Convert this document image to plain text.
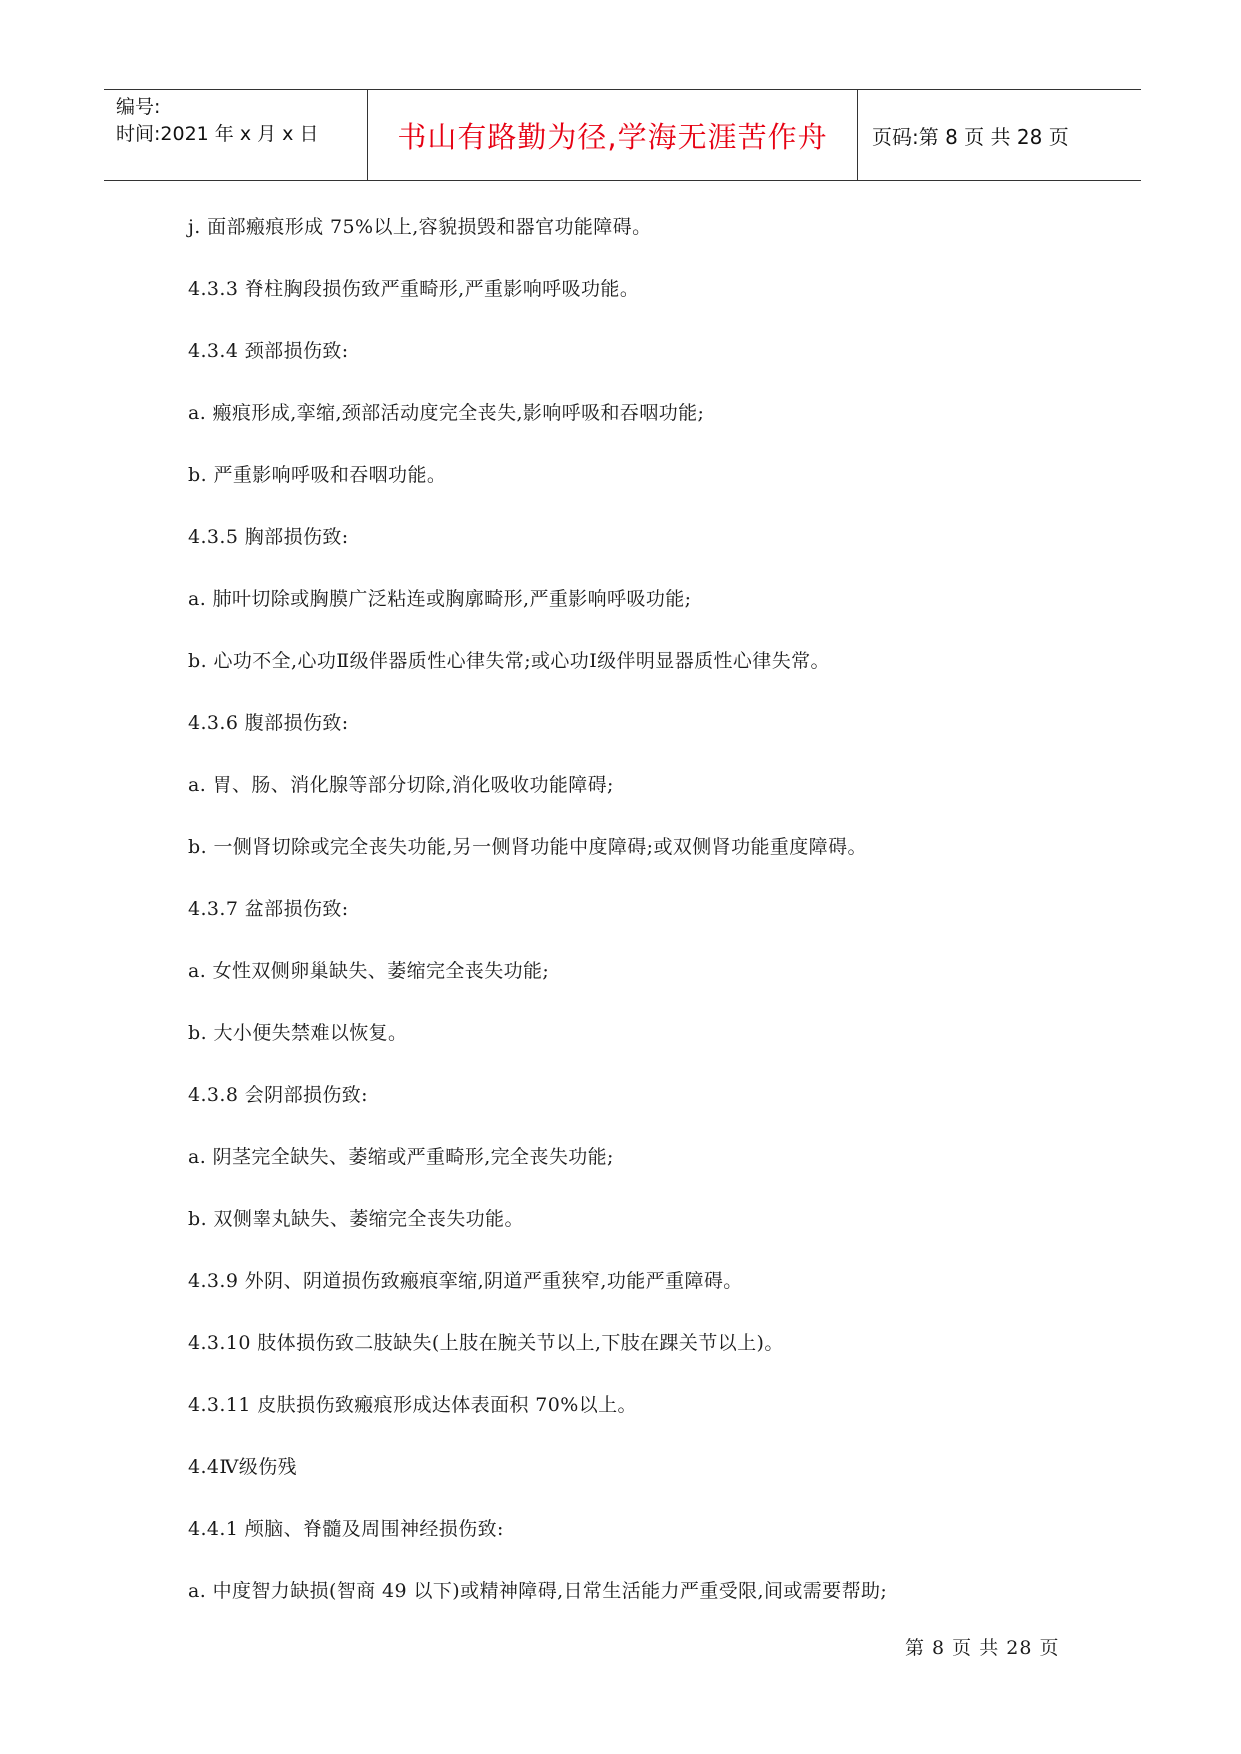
编号:
时间:2021 年 x 月 x 日	书山有路勤为径,学海无涯苦作舟	页码:第 8 页 共 28 页
j. 面部瘢痕形成 75%以上,容貌损毁和器官功能障碍。
4.3.3 脊柱胸段损伤致严重畸形,严重影响呼吸功能。
4.3.4 颈部损伤致:
a. 瘢痕形成,挛缩,颈部活动度完全丧失,影响呼吸和吞咽功能;
b. 严重影响呼吸和吞咽功能。
4.3.5 胸部损伤致:
a. 肺叶切除或胸膜广泛粘连或胸廓畸形,严重影响呼吸功能;
b. 心功不全,心功Ⅱ级伴器质性心律失常;或心功Ⅰ级伴明显器质性心律失常。
4.3.6 腹部损伤致:
a. 胃、肠、消化腺等部分切除,消化吸收功能障碍;
b. 一侧肾切除或完全丧失功能,另一侧肾功能中度障碍;或双侧肾功能重度障碍。
4.3.7 盆部损伤致:
a. 女性双侧卵巢缺失、萎缩完全丧失功能;
b. 大小便失禁难以恢复。
4.3.8 会阴部损伤致:
a. 阴茎完全缺失、萎缩或严重畸形,完全丧失功能;
b. 双侧睾丸缺失、萎缩完全丧失功能。
4.3.9 外阴、阴道损伤致瘢痕挛缩,阴道严重狭窄,功能严重障碍。
4.3.10 肢体损伤致二肢缺失(上肢在腕关节以上,下肢在踝关节以上)。
4.3.11 皮肤损伤致瘢痕形成达体表面积 70%以上。
4.4Ⅳ级伤残
4.4.1 颅脑、脊髓及周围神经损伤致:
a. 中度智力缺损(智商 49 以下)或精神障碍,日常生活能力严重受限,间或需要帮助;
第 8 页 共 28 页
